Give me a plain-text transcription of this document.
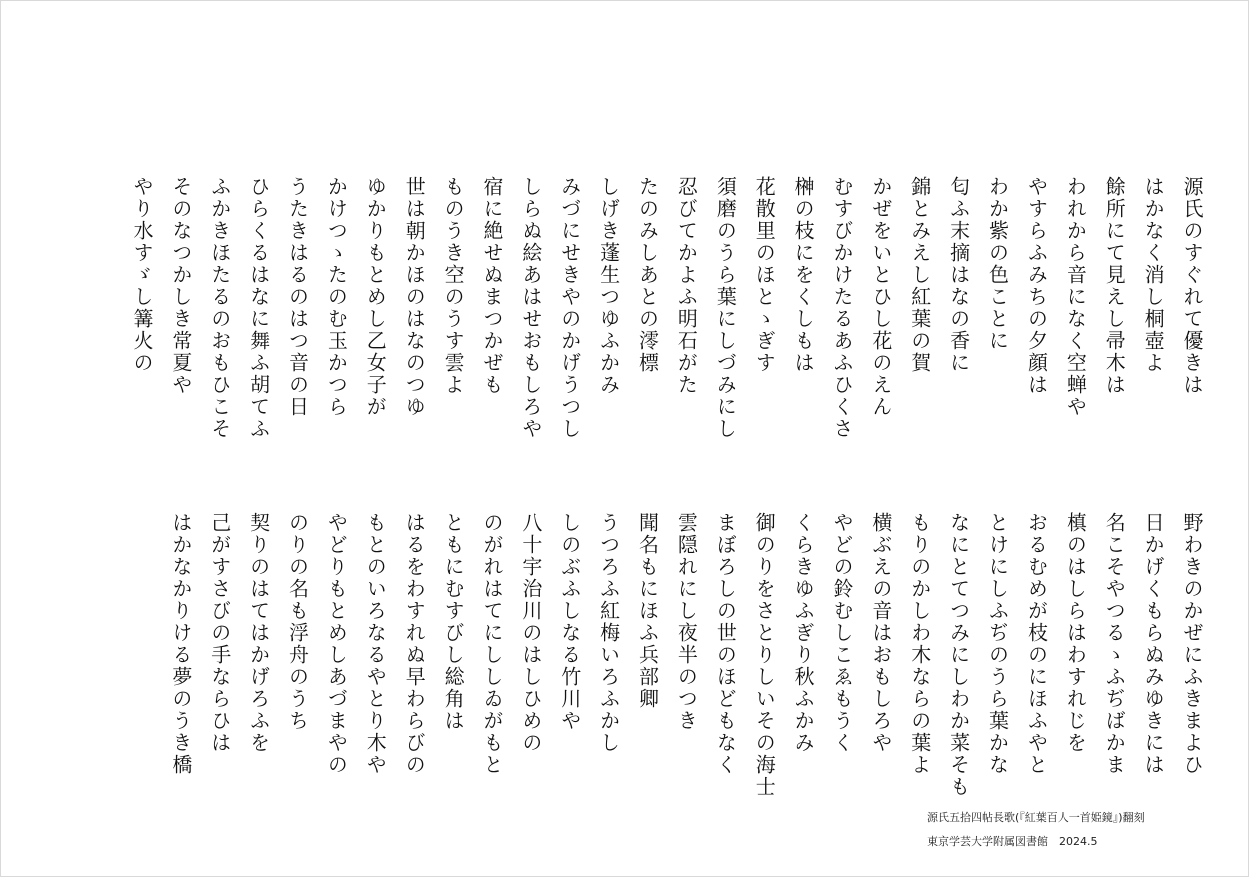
源氏のすぐれて優きは
はかなく消し桐壺よ
餘所にて見えし帚木は
われから音になく空蝉や
やすらふみちの夕顔は
わか紫の色ことに
匂ふ末摘はなの香に
錦とみえし紅葉の賀
かぜをいとひし花のえん
むすびかけたるあふひくさ
榊の枝にをくしもは
花散里のほとゝぎす
須磨のうら葉にしづみにし
忍びてかよふ明石がた
たのみしあとの澪標
しげき蓬生つゆふかみ
みづにせきやのかげうつし
しらぬ絵あはせおもしろや
宿に絶せぬまつかぜも
ものうき空のうす雲よ
世は朝かほのはなのつゆ
ゆかりもとめし乙女子が
かけつゝたのむ玉かつら
うたきはるのはつ音の日
ひらくるはなに舞ふ胡てふ
ふかきほたるのおもひこそ
そのなつかしき常夏や
やり水すゞし篝火の
野わきのかぜにふきまよひ
日かげくもらぬみゆきには
名こそやつるゝふぢばかま
槙のはしらはわすれじを
おるむめが枝のにほふやと
とけにしふぢのうら葉かな
なにとてつみにしわか菜そも
もりのかしわ木ならの葉よ
横ぶえの音はおもしろや
やどの鈴むしこゑもうく
くらきゆふぎり秋ふかみ
御のりをさとりしいその海士
まぼろしの世のほどもなく
雲隠れにし夜半のつき
聞名もにほふ兵部卿
うつろふ紅梅いろふかし
しのぶふしなる竹川や
八十宇治川のはしひめの
のがれはてにししゐがもと
ともにむすびし総角は
はるをわすれぬ早わらびの
もとのいろなるやとり木や
やどりもとめしあづまやの
のりの名も浮舟のうち
契りのはてはかげろふを
己がすさびの手ならひは
はかなかりける夢のうき橋
源氏五拾四帖長歌(『紅葉百人一首姫鏡』)翻刻
東京学芸大学附属図書館　2024.5
